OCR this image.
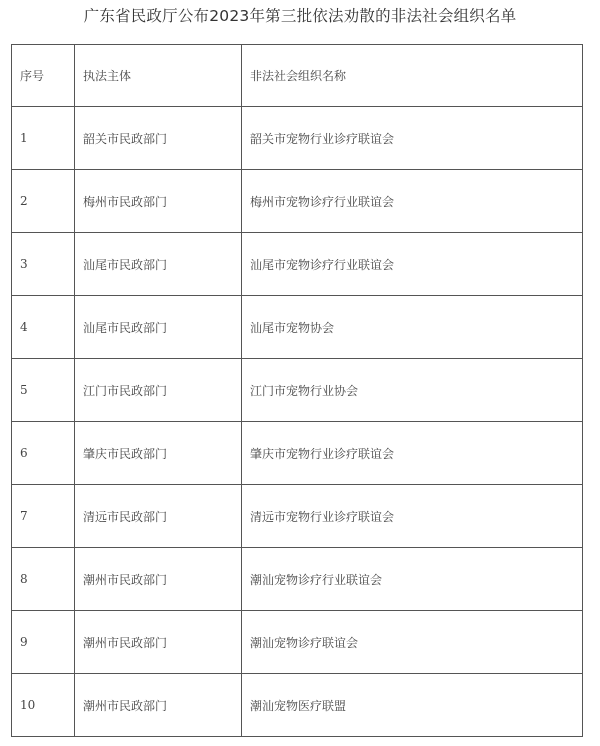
广东省民政厅公布2023年第三批依法劝散的非法社会组织名单
序号	执法主体	非法社会组织名称
1	韶关市民政部门	韶关市宠物行业诊疗联谊会
2	梅州市民政部门	梅州市宠物诊疗行业联谊会
3	汕尾市民政部门	汕尾市宠物诊疗行业联谊会
4	汕尾市民政部门	汕尾市宠物协会
5	江门市民政部门	江门市宠物行业协会
6	肇庆市民政部门	肇庆市宠物行业诊疗联谊会
7	清远市民政部门	清远市宠物行业诊疗联谊会
8	潮州市民政部门	潮汕宠物诊疗行业联谊会
9	潮州市民政部门	潮汕宠物诊疗联谊会
10	潮州市民政部门	潮汕宠物医疗联盟
